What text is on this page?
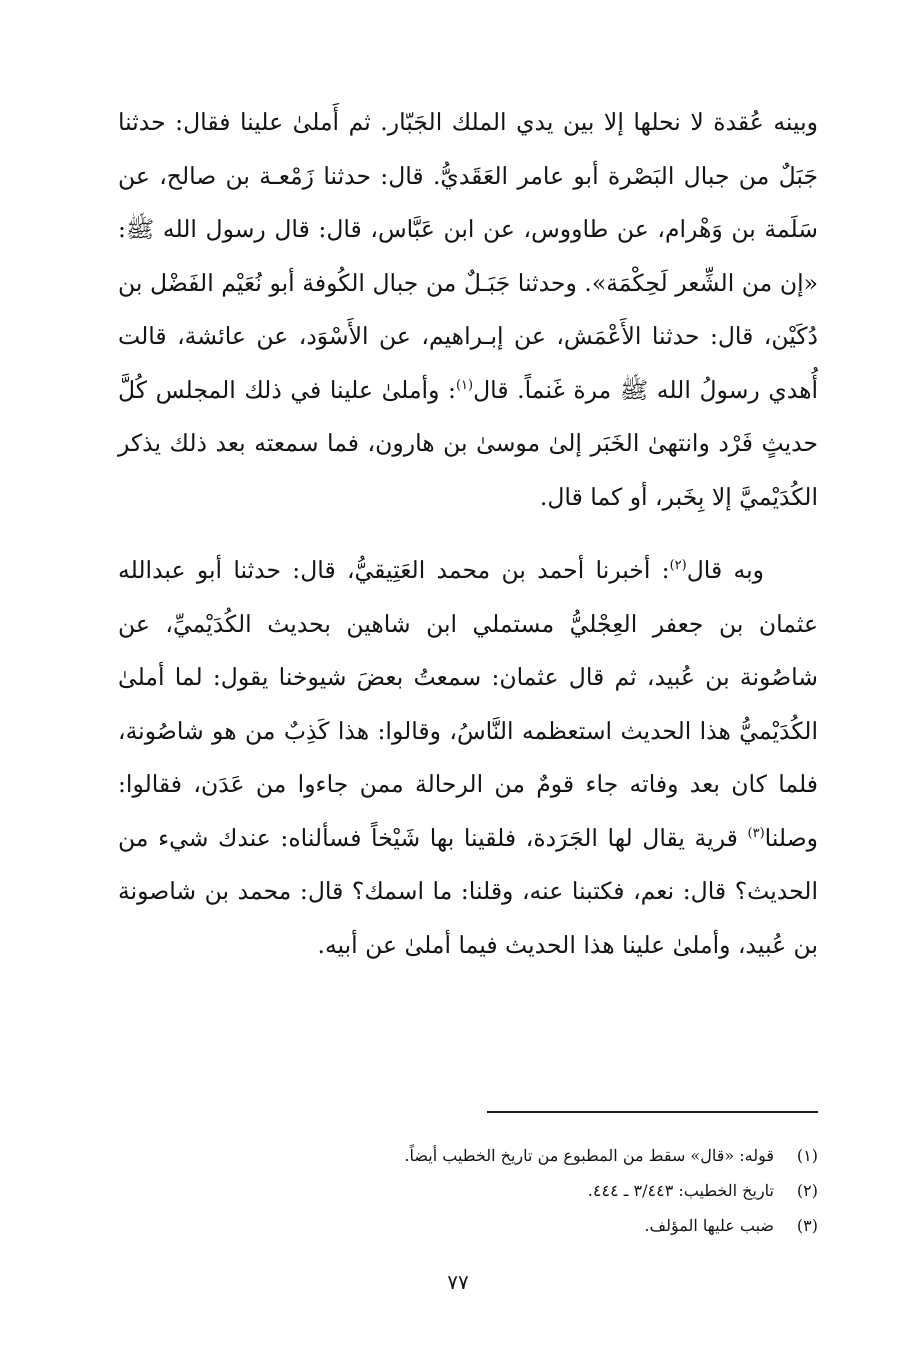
وبينه عُقدة لا نحلها إلا بين يدي الملك الجَبّار. ثم أَملىٰ علينا فقال: حدثنا جَبَلٌ من جبال البَصْرة أبو عامر العَقَديُّ. قال: حدثنا زَمْعـة بن صالح، عن سَلَمة بن وَهْرام، عن طاووس، عن ابن عَبَّاس، قال: قال رسول الله ﷺ: «إن من الشِّعر لَحِكْمَة». وحدثنا جَبَـلٌ من جبال الكُوفة أبو نُعَيْم الفَضْل بن دُكَيْن، قال: حدثنا الأَعْمَش، عن إبـراهيم، عن الأَسْوَد، عن عائشة، قالت أُهدي رسولُ الله ﷺ مرة غَنماً. قال$^{(١)}$: وأملىٰ علينا في ذلك المجلس كُلَّ حديثٍ فَرْد وانتهىٰ الخَبَر إلىٰ موسىٰ بن هارون، فما سمعته بعد ذلك يذكر الكُدَيْميَّ إلا بِخَبر، أو كما قال.

وبه قال$^{(٢)}$: أخبرنا أحمد بن محمد العَتِيقيُّ، قال: حدثنا أبو عبدالله عثمان بن جعفر العِجْليُّ مستملي ابن شاهين بحديث الكُدَيْميِّ، عن شاصُونة بن عُبيد، ثم قال عثمان: سمعتُ بعضَ شيوخنا يقول: لما أملىٰ الكُدَيْميُّ هذا الحديث استعظمه النَّاسُ، وقالوا: هذا كَذِبٌ من هو شاصُونة، فلما كان بعد وفاته جاء قومٌ من الرحالة ممن جاءوا من عَدَن، فقالوا: وصلنا$^{(٣)}$ قرية يقال لها الجَرَدة، فلقينا بها شَيْخاً فسألناه: عندك شيء من الحديث؟ قال: نعم، فكتبنا عنه، وقلنا: ما اسمك؟ قال: محمد بن شاصونة بن عُبيد، وأملىٰ علينا هذا الحديث فيما أملىٰ عن أبيه.

(١)قوله: «قال» سقط من المطبوع من تاريخ الخطيب أيضاً.
(٢)تاريخ الخطيب: ٣/٤٤٣ ـ ٤٤٤.
(٣)ضبب عليها المؤلف.
٧٧
